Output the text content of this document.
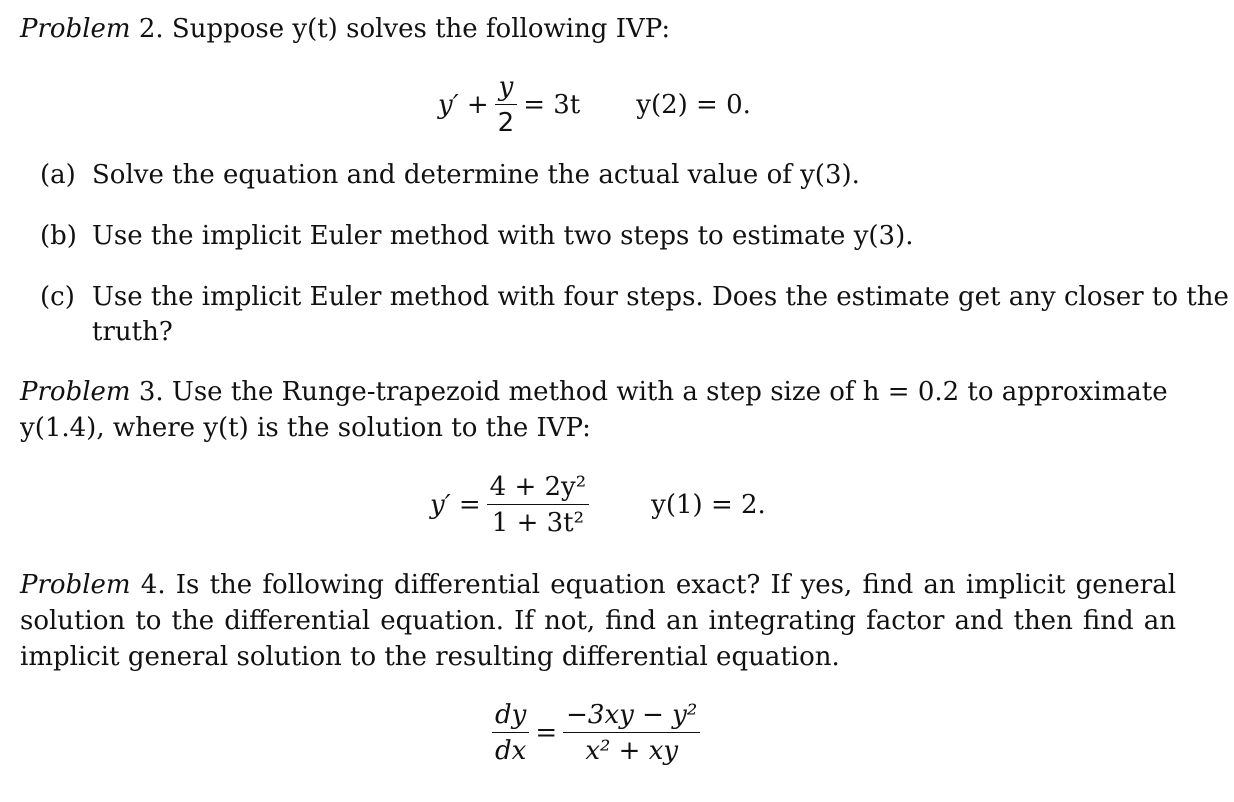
Problem 2. Suppose y(t) solves the following IVP:
$y' + \frac{y}{2} = 3t$ y(2) = 0.
(a) Solve the equation and determine the actual value of y(3).
(b) Use the implicit Euler method with two steps to estimate y(3).
(c) Use the implicit Euler method with four steps. Does the estimate get any closer to the
truth?
Problem 3. Use the Runge-trapezoid method with a step size of h = 0.2 to approximate
y(1.4), where y(t) is the solution to the IVP:
$y' = \frac{\text{4 + 2y²}}{\text{1 + 3t²}} y(1) = 2$.
Problem 4. Is the following differential equation exact? If yes, find an implicit general
solution to the differential equation. If not, find an integrating factor and then find an
implicit general solution to the resulting differential equation.
$\frac{dy}{dx} = \frac{\text{−3xy − y²}}{\text{x² + xy}}$
